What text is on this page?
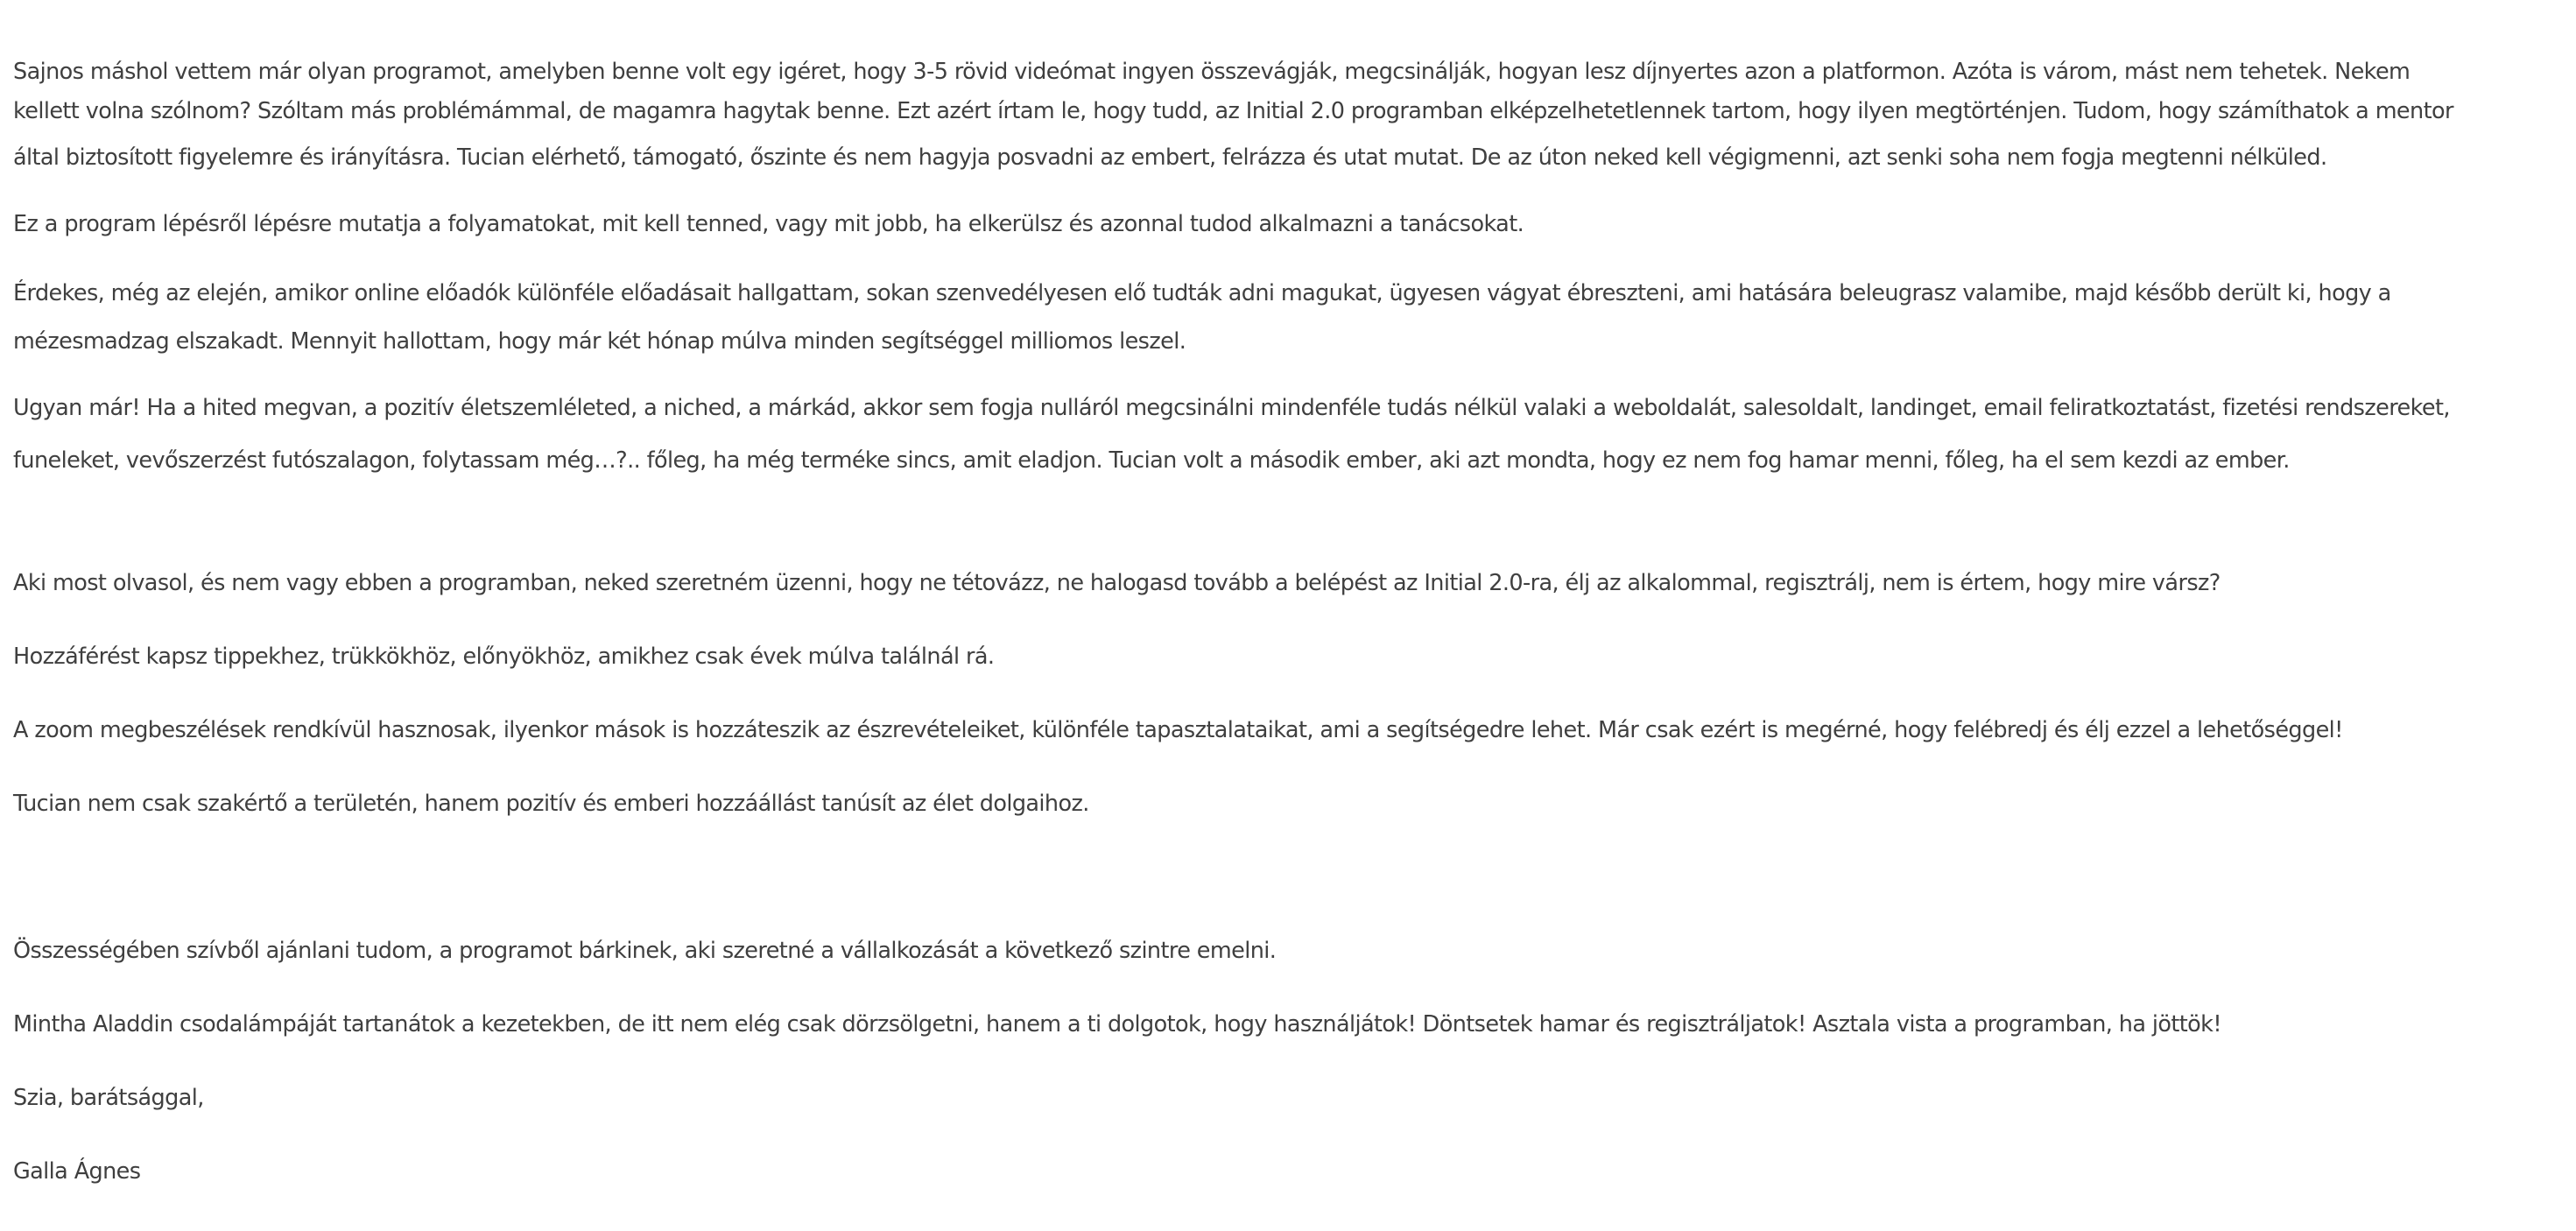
Sajnos máshol vettem már olyan programot, amelyben benne volt egy igéret, hogy 3-5 rövid videómat ingyen összevágják, megcsinálják, hogyan lesz díjnyertes azon a platformon. Azóta is várom, mást nem tehetek. Nekem
kellett volna szólnom? Szóltam más problémámmal, de magamra hagytak benne. Ezt azért írtam le, hogy tudd, az Initial 2.0 programban elképzelhetetlennek tartom, hogy ilyen megtörténjen. Tudom, hogy számíthatok a mentor
által biztosított figyelemre és irányításra. Tucian elérhető, támogató, őszinte és nem hagyja posvadni az embert, felrázza és utat mutat. De az úton neked kell végigmenni, azt senki soha nem fogja megtenni nélküled.

Ez a program lépésről lépésre mutatja a folyamatokat, mit kell tenned, vagy mit jobb, ha elkerülsz és azonnal tudod alkalmazni a tanácsokat.

Érdekes, még az elején, amikor online előadók különféle előadásait hallgattam, sokan szenvedélyesen elő tudták adni magukat, ügyesen vágyat ébreszteni, ami hatására beleugrasz valamibe, majd később derült ki, hogy a
mézesmadzag elszakadt. Mennyit hallottam, hogy már két hónap múlva minden segítséggel milliomos leszel.

Ugyan már! Ha a hited megvan, a pozitív életszemléleted, a niched, a márkád, akkor sem fogja nulláról megcsinálni mindenféle tudás nélkül valaki a weboldalát, salesoldalt, landinget, email feliratkoztatást, fizetési rendszereket,
funeleket, vevőszerzést futószalagon, folytassam még…?.. főleg, ha még terméke sincs, amit eladjon. Tucian volt a második ember, aki azt mondta, hogy ez nem fog hamar menni, főleg, ha el sem kezdi az ember.

Aki most olvasol, és nem vagy ebben a programban, neked szeretném üzenni, hogy ne tétovázz, ne halogasd tovább a belépést az Initial 2.0-ra, élj az alkalommal, regisztrálj, nem is értem, hogy mire vársz?

Hozzáférést kapsz tippekhez, trükkökhöz, előnyökhöz, amikhez csak évek múlva találnál rá.

A zoom megbeszélések rendkívül hasznosak, ilyenkor mások is hozzáteszik az észrevételeiket, különféle tapasztalataikat, ami a segítségedre lehet. Már csak ezért is megérné, hogy felébredj és élj ezzel a lehetőséggel!

Tucian nem csak szakértő a területén, hanem pozitív és emberi hozzáállást tanúsít az élet dolgaihoz.

Összességében szívből ajánlani tudom, a programot bárkinek, aki szeretné a vállalkozását a következő szintre emelni.

Mintha Aladdin csodalámpáját tartanátok a kezetekben, de itt nem elég csak dörzsölgetni, hanem a ti dolgotok, hogy használjátok! Döntsetek hamar és regisztráljatok! Asztala vista a programban, ha jöttök!

Szia, barátsággal,

Galla Ágnes
